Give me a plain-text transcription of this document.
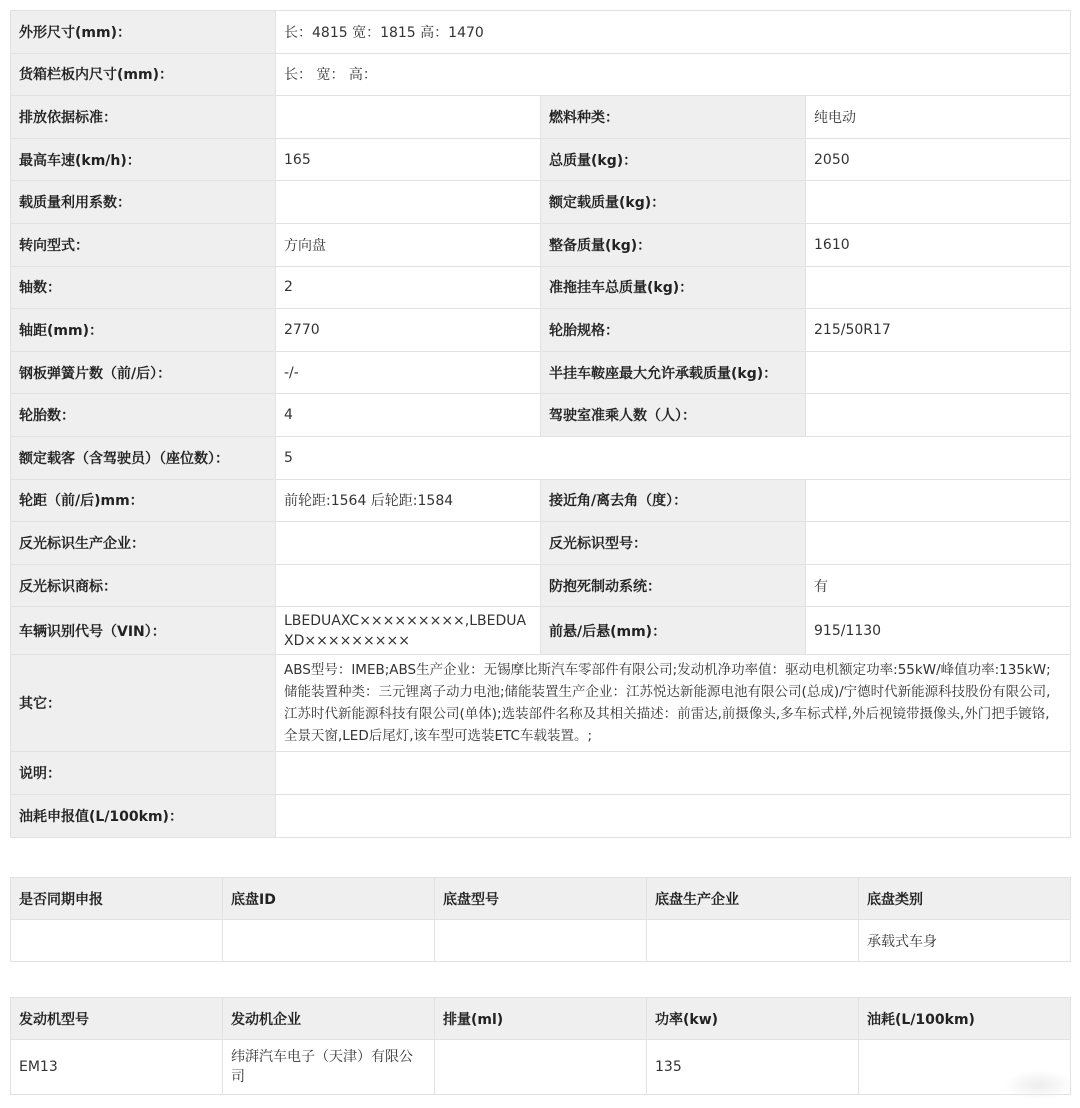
外形尺寸(mm)：	长：4815 宽：1815 高：1470		
货箱栏板内尺寸(mm)：	长： 宽： 高：		
排放依据标准：		燃料种类：	纯电动
最高车速(km/h)：	165	总质量(kg)：	2050
载质量利用系数：		额定载质量(kg)：	
转向型式：	方向盘	整备质量(kg)：	1610
轴数：	2	准拖挂车总质量(kg)：	
轴距(mm)：	2770	轮胎规格：	215/50R17
钢板弹簧片数（前/后）：	-/-	半挂车鞍座最大允许承载质量(kg)：	
轮胎数：	4	驾驶室准乘人数（人）：	
额定载客（含驾驶员）（座位数）：	5		
轮距（前/后)mm：	前轮距:1564 后轮距:1584	接近角/离去角（度）：	
反光标识生产企业：		反光标识型号：	
反光标识商标：		防抱死制动系统：	有
车辆识别代号（VIN）：	LBEDUAXC×××××××××,LBEDUAXD×××××××××	前悬/后悬(mm)：	915/1130
其它：	ABS型号：IMEB;ABS生产企业：无锡摩比斯汽车零部件有限公司;发动机净功率值：驱动电机额定功率:55kW/峰值功率:135kW;储能装置种类：三元锂离子动力电池;储能装置生产企业：江苏悦达新能源电池有限公司(总成)/宁德时代新能源科技股份有限公司,江苏时代新能源科技有限公司(单体);选装部件名称及其相关描述：前雷达,前摄像头,多车标式样,外后视镜带摄像头,外门把手镀铬,全景天窗,LED后尾灯,该车型可选装ETC车载装置。;		
说明：			
油耗申报值(L/100km)：			
是否同期申报	底盘ID	底盘型号	底盘生产企业	底盘类别
				承载式车身
发动机型号	发动机企业	排量(ml)	功率(kw)	油耗(L/100km)
EM13	纬湃汽车电子（天津）有限公司		135	
